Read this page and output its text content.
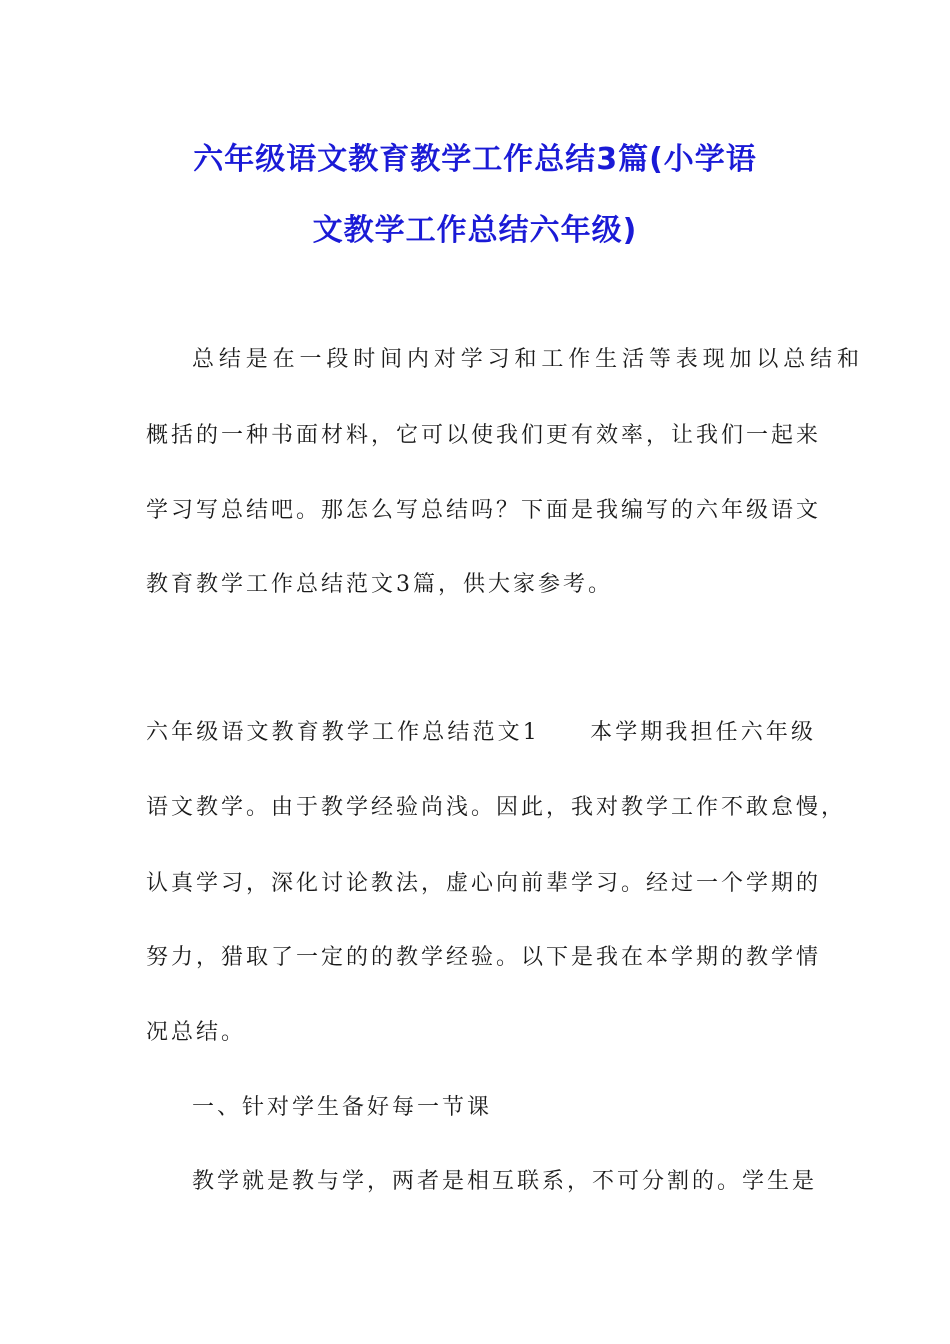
六年级语文教育教学工作总结3篇(小学语
文教学工作总结六年级)
总结是在一段时间内对学习和工作生活等表现加以总结和
概括的一种书面材料，它可以使我们更有效率，让我们一起来
学习写总结吧。那怎么写总结吗？下面是我编写的六年级语文
教育教学工作总结范文3篇，供大家参考。
六年级语文教育教学工作总结范文1　　本学期我担任六年级
语文教学。由于教学经验尚浅。因此，我对教学工作不敢怠慢，
认真学习，深化讨论教法，虚心向前辈学习。经过一个学期的
努力，猎取了一定的的教学经验。以下是我在本学期的教学情
况总结。
一、针对学生备好每一节课
教学就是教与学，两者是相互联系，不可分割的。学生是
